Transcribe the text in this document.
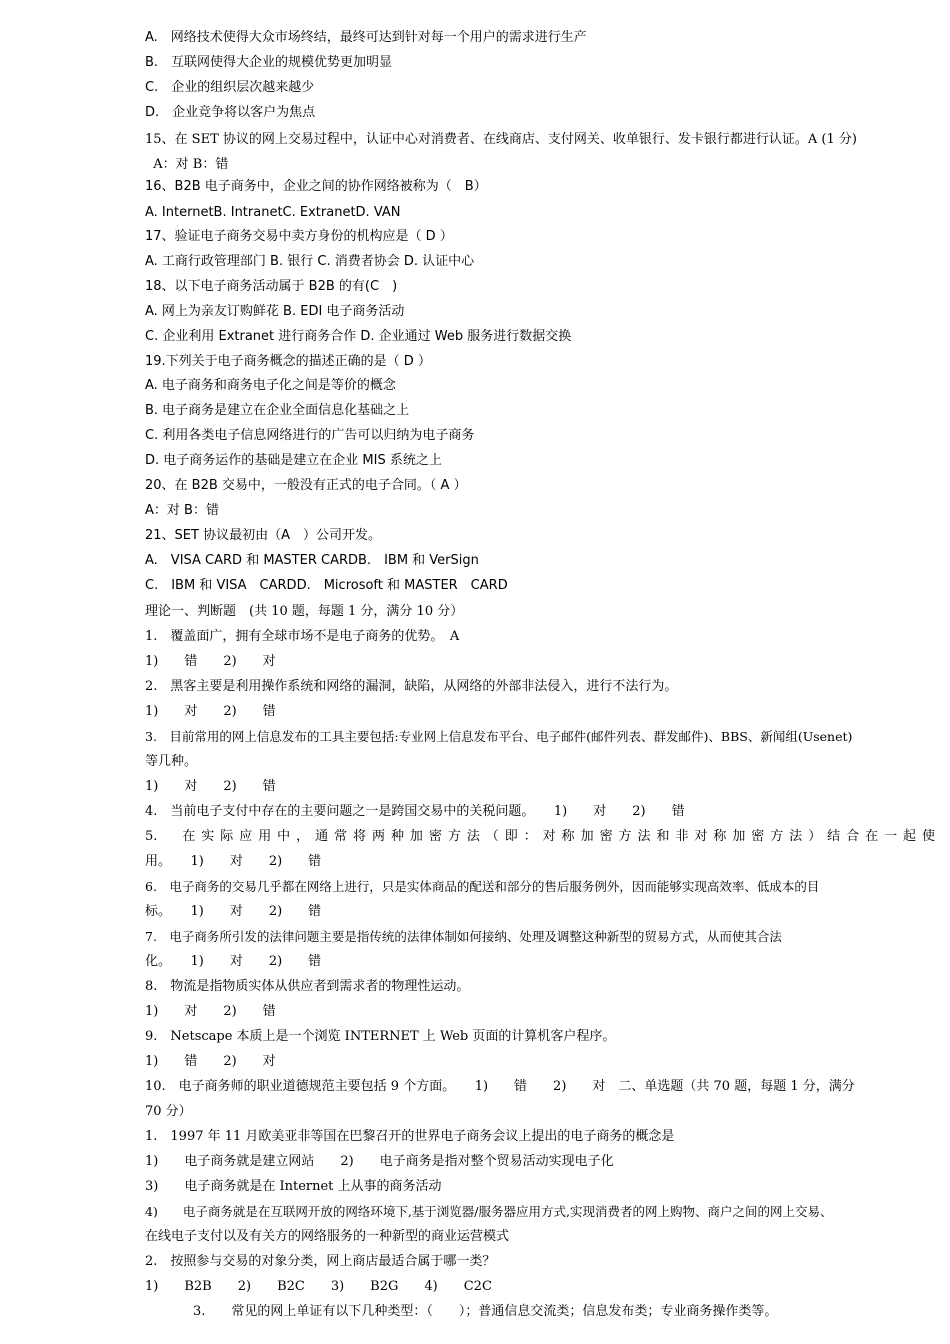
A.　网络技术使得大众市场终结，最终可达到针对每一个用户的需求进行生产
B.　互联网使得大企业的规模优势更加明显
C.　企业的组织层次越来越少
D.　企业竞争将以客户为焦点
15、在 SET 协议的网上交易过程中，认证中心对消费者、在线商店、支付网关、收单银行、发卡银行都进行认证。A (1 分)
A：对 B：错
16、B2B 电子商务中，企业之间的协作网络被称为（　B）
A. InternetB. IntranetC. ExtranetD. VAN
17、验证电子商务交易中卖方身份的机构应是（ D ）
A. 工商行政管理部门 B. 银行 C. 消费者协会 D. 认证中心
18、以下电子商务活动属于 B2B 的有(C　)
A. 网上为亲友订购鲜花 B. EDI 电子商务活动
C. 企业利用 Extranet 进行商务合作 D. 企业通过 Web 服务进行数据交换
19.下列关于电子商务概念的描述正确的是（ D ）
A. 电子商务和商务电子化之间是等价的概念
B. 电子商务是建立在企业全面信息化基础之上
C. 利用各类电子信息网络进行的广告可以归纳为电子商务
D. 电子商务运作的基础是建立在企业 MIS 系统之上
20、在 B2B 交易中，一般没有正式的电子合同。（ A ）
A：对 B：错
21、SET 协议最初由（A　）公司开发。
A.　VISA CARD 和 MASTER CARDB.　IBM 和 VerSign
C.　IBM 和 VISA　CARDD.　Microsoft 和 MASTER　CARD
理论一、判断题　(共 10 题，每题 1 分，满分 10 分）
1.　覆盖面广，拥有全球市场不是电子商务的优势。　A
1)　　错　　2)　　对
2.　黑客主要是利用操作系统和网络的漏洞，缺陷，从网络的外部非法侵入，进行不法行为。
1)　　对　　2)　　错
3.　目前常用的网上信息发布的工具主要包括:专业网上信息发布平台、电子邮件(邮件列表、群发邮件)、BBS、新闻组(Usenet)
等几种。
1)　　对　　2)　　错
4.　当前电子支付中存在的主要问题之一是跨国交易中的关税问题。　　1)　　对　　2)　　错
5.　在实际应用中，通常将两种加密方法（即：对称加密方法和非对称加密方法）结合在一起使
用。　　1)　　对　　2)　　错
6.　电子商务的交易几乎都在网络上进行，只是实体商品的配送和部分的售后服务例外，因而能够实现高效率、低成本的目
标。　　1)　　对　　2)　　错
7.　电子商务所引发的法律问题主要是指传统的法律体制如何接纳、处理及调整这种新型的贸易方式，从而使其合法
化。　　1)　　对　　2)　　错
8.　物流是指物质实体从供应者到需求者的物理性运动。
1)　　对　　2)　　错
9.　Netscape 本质上是一个浏览 INTERNET 上 Web 页面的计算机客户程序。
1)　　错　　2)　　对
10.　电子商务师的职业道德规范主要包括 9 个方面。　　1)　　错　　2)　　对　二、单选题（共 70 题，每题 1 分，满分
70 分）
1.　1997 年 11 月欧美亚非等国在巴黎召开的世界电子商务会议上提出的电子商务的概念是
1)　　电子商务就是建立网站　　2)　　电子商务是指对整个贸易活动实现电子化
3)　　电子商务就是在 Internet 上从事的商务活动
4)　　电子商务就是在互联网开放的网络环境下,基于浏览器/服务器应用方式,实现消费者的网上购物、商户之间的网上交易、
在线电子支付以及有关方的网络服务的一种新型的商业运营模式
2.　按照参与交易的对象分类，网上商店最适合属于哪一类？
1)　　B2B　　2)　　B2C　　3)　　B2G　　4)　　C2C
3.　　常见的网上单证有以下几种类型：（　　）；普通信息交流类；信息发布类；专业商务操作类等。
